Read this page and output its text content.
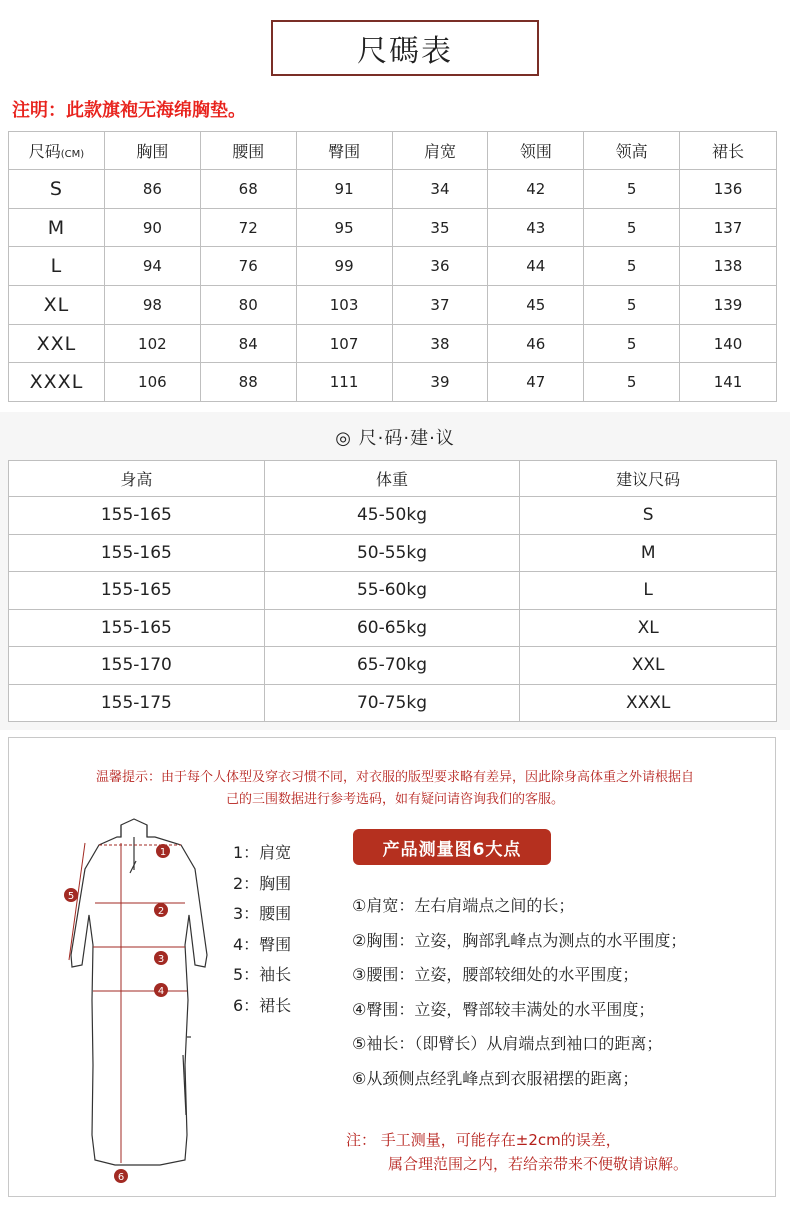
尺碼表
注明：此款旗袍无海绵胸垫。
尺码(CM)	胸围	腰围	臀围	肩宽	领围	领高	裙长
S	86	68	91	34	42	5	136
M	90	72	95	35	43	5	137
L	94	76	99	36	44	5	138
XL	98	80	103	37	45	5	139
XXL	102	84	107	38	46	5	140
XXXL	106	88	111	39	47	5	141
◎ 尺·码·建·议
身高	体重	建议尺码
155-165	45-50kg	S
155-165	50-55kg	M
155-165	55-60kg	L
155-165	60-65kg	XL
155-170	65-70kg	XXL
155-175	70-75kg	XXXL
温馨提示：由于每个人体型及穿衣习惯不同，对衣服的版型要求略有差异，因此除身高体重之外请根据自
己的三围数据进行参考选码，如有疑问请咨询我们的客服。
1
2
3
4
5
6
1：肩宽
2：胸围
3：腰围
4：臀围
5：袖长
6：裙长
产品测量图6大点
①肩宽：左右肩端点之间的长；
②胸围：立姿，胸部乳峰点为测点的水平围度；
③腰围：立姿，腰部较细处的水平围度；
④臀围：立姿，臀部较丰满处的水平围度；
⑤袖长：（即臂长）从肩端点到袖口的距离；
⑥从颈侧点经乳峰点到衣服裙摆的距离；
注： 手工测量，可能存在±2cm的误差，
属合理范围之内，若给亲带来不便敬请谅解。
